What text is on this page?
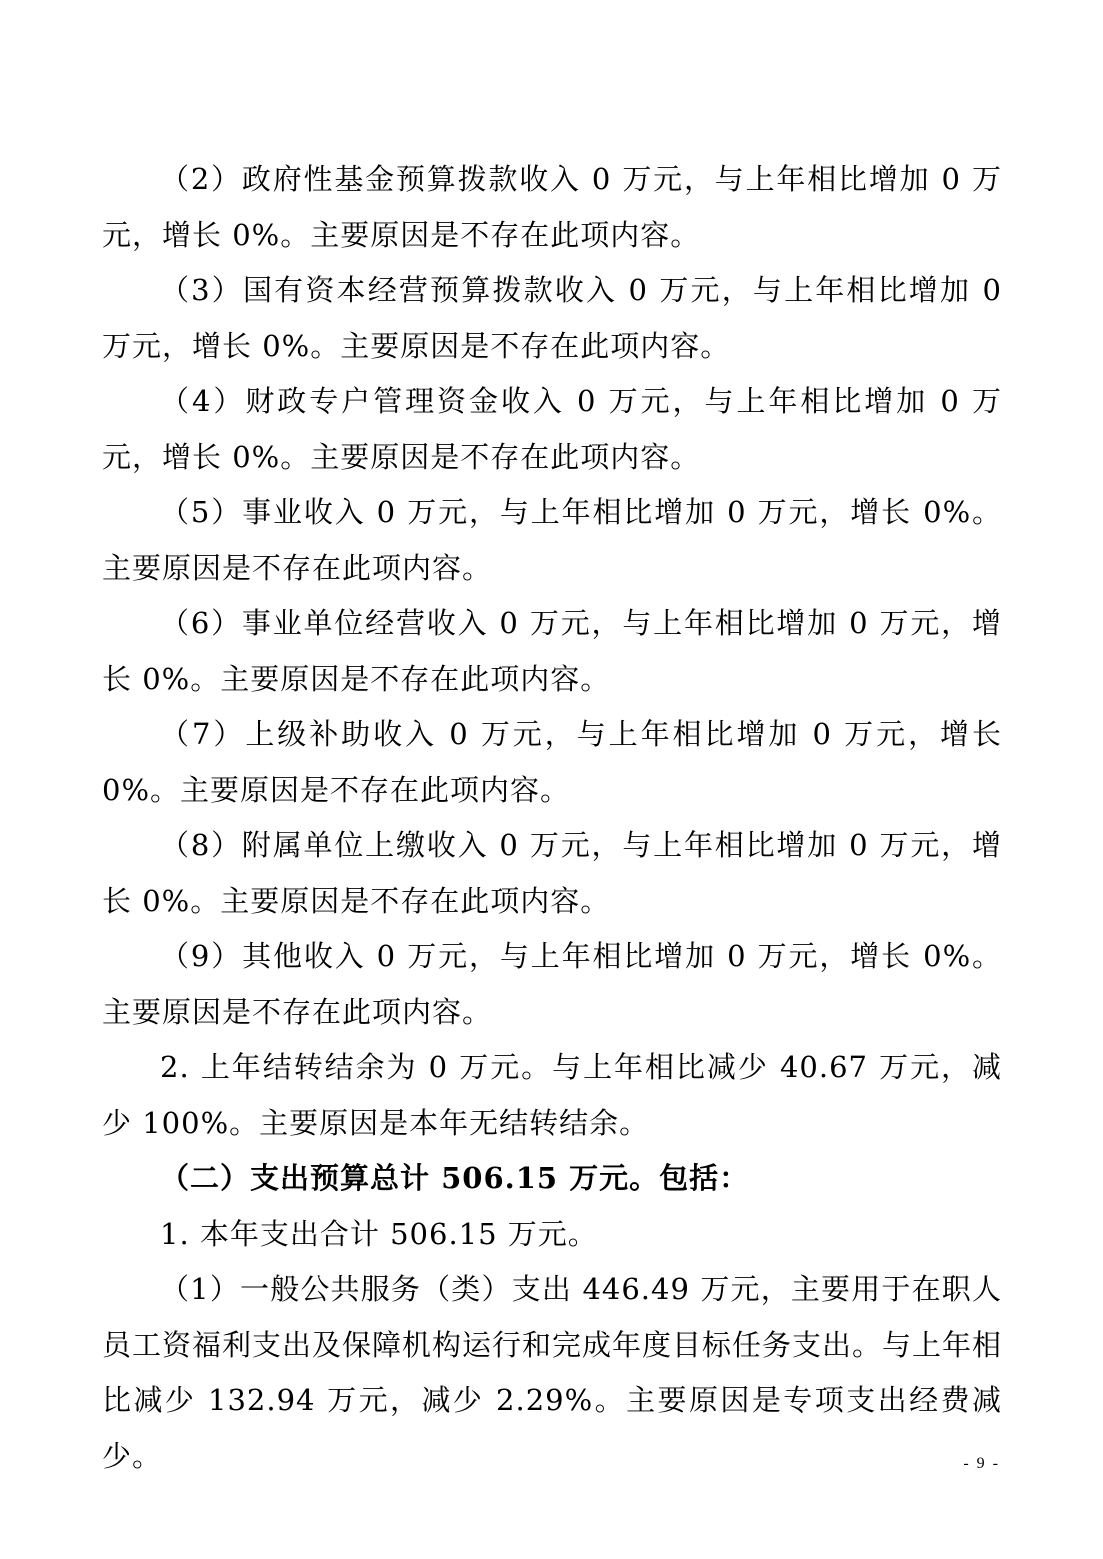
（2）政府性基金预算拨款收入 0 万元，与上年相比增加 0 万元，增长 0%。主要原因是不存在此项内容。

（3）国有资本经营预算拨款收入 0 万元，与上年相比增加 0 万元，增长 0%。主要原因是不存在此项内容。

（4）财政专户管理资金收入 0 万元，与上年相比增加 0 万元，增长 0%。主要原因是不存在此项内容。

（5）事业收入 0 万元，与上年相比增加 0 万元，增长 0%。主要原因是不存在此项内容。

（6）事业单位经营收入 0 万元，与上年相比增加 0 万元，增长 0%。主要原因是不存在此项内容。

（7）上级补助收入 0 万元，与上年相比增加 0 万元，增长 0%。主要原因是不存在此项内容。

（8）附属单位上缴收入 0 万元，与上年相比增加 0 万元，增长 0%。主要原因是不存在此项内容。

（9）其他收入 0 万元，与上年相比增加 0 万元，增长 0%。主要原因是不存在此项内容。

2. 上年结转结余为 0 万元。与上年相比减少 40.67 万元，减少 100%。主要原因是本年无结转结余。

（二）支出预算总计 506.15 万元。包括：

1. 本年支出合计 506.15 万元。

（1）一般公共服务（类）支出 446.49 万元，主要用于在职人员工资福利支出及保障机构运行和完成年度目标任务支出。与上年相比减少 132.94 万元，减少 2.29%。主要原因是专项支出经费减少。	- 9 -
